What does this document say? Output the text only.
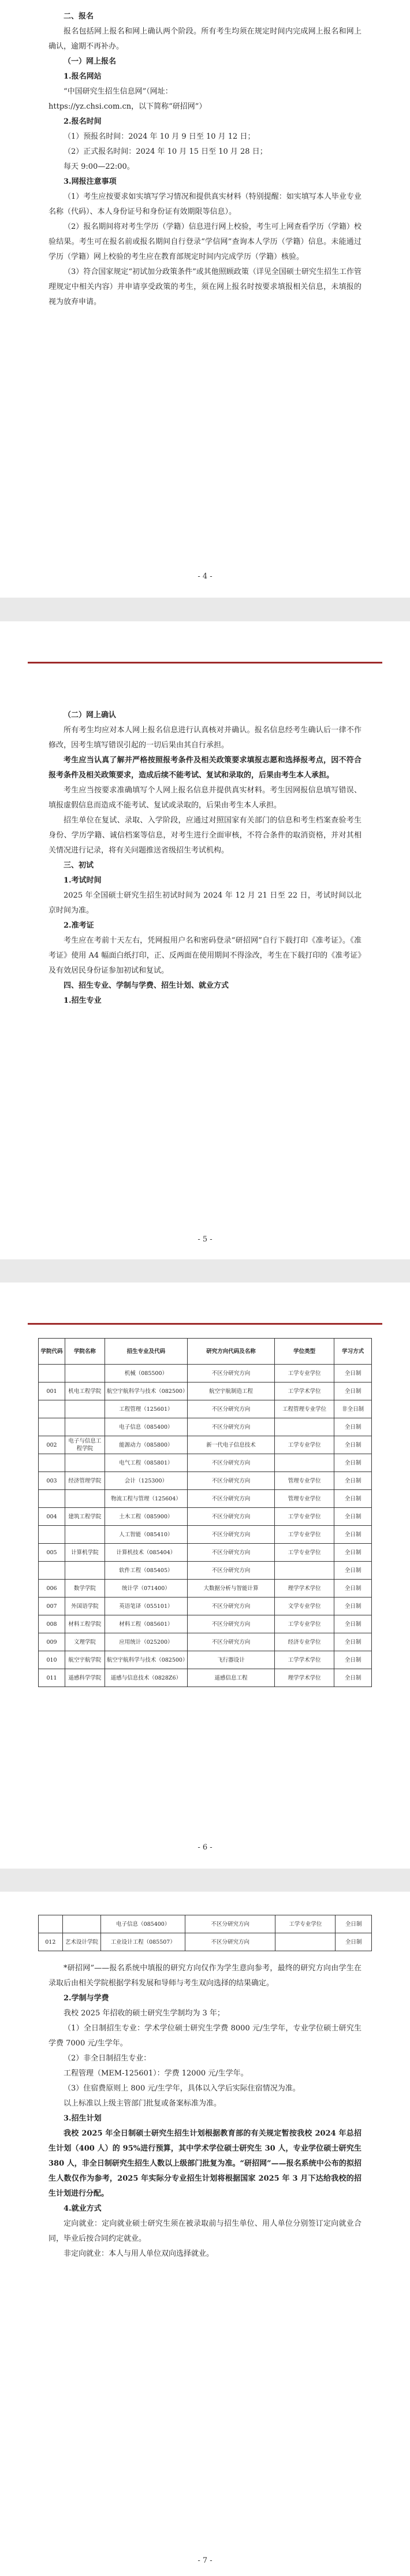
二、报名

报名包括网上报名和网上确认两个阶段。所有考生均须在规定时间内完成网上报名和网上确认，逾期不再补办。

（一）网上报名

1.报名网站

“中国研究生招生信息网”（网址：

https://yz.chsi.com.cn，以下简称“研招网”）

2.报名时间

（1）预报名时间：2024 年 10 月 9 日至 10 月 12 日；

（2）正式报名时间：2024 年 10 月 15 日至 10 月 28 日；

每天 9:00—22:00。

3.网报注意事项

（1）考生应按要求如实填写学习情况和提供真实材料（特别提醒：如实填写本人毕业专业名称（代码）、本人身份证号和身份证有效期限等信息）。

（2）报名期间将对考生学历（学籍）信息进行网上校验，考生可上网查看学历（学籍）校验结果。考生可在报名前或报名期间自行登录“学信网”查询本人学历（学籍）信息。未能通过学历（学籍）网上校验的考生应在教育部规定时间内完成学历（学籍）核验。

（3）符合国家规定“初试加分政策条件”或其他照顾政策（详见全国硕士研究生招生工作管理规定中相关内容）并申请享受政策的考生，须在网上报名时按要求填报相关信息，未填报的视为放弃申请。

- 4 -

（二）网上确认

所有考生均应对本人网上报名信息进行认真核对并确认。报名信息经考生确认后一律不作修改，因考生填写错误引起的一切后果由其自行承担。

考生应当认真了解并严格按照报考条件及相关政策要求填报志愿和选择报考点，因不符合报考条件及相关政策要求，造成后续不能考试、复试和录取的，后果由考生本人承担。

考生应当按要求准确填写个人网上报名信息并提供真实材料。考生因网报信息填写错误、填报虚假信息而造成不能考试、复试或录取的，后果由考生本人承担。

招生单位在复试、录取、入学阶段，应通过对照国家有关部门的信息和考生档案查验考生身份、学历学籍、诚信档案等信息，对考生进行全面审核，不符合条件的取消资格，并对其相关情况进行记录，将有关问题推送省级招生考试机构。

三、初试

1.考试时间

2025 年全国硕士研究生招生初试时间为 2024 年 12 月 21 日至 22 日，考试时间以北京时间为准。

2.准考证

考生应在考前十天左右，凭网报用户名和密码登录“研招网”自行下载打印《准考证》。《准考证》使用 A4 幅面白纸打印，正、反两面在使用期间不得涂改，考生在下载打印的《准考证》及有效居民身份证参加初试和复试。

四、招生专业、学制与学费、招生计划、就业方式

1.招生专业

- 5 -
学院代码	学院名称	招生专业及代码	研究方向代码及名称	学位类型	学习方式
		机械（085500）	不区分研究方向	工学专业学位	全日制
001	机电工程学院	航空宇航科学与技术（082500）	航空宇航制造工程	工学学术学位	全日制
		工程管理（125601）	不区分研究方向	工程管理专业学位	非全日制
		电子信息（085400）	不区分研究方向		全日制
002	电子与信息工程学院	能源动力（085800）	新一代电子信息技术	工学专业学位	全日制
		电气工程（085801）	不区分研究方向		全日制
003	经济管理学院	会计（125300）	不区分研究方向	管理专业学位	全日制
		物流工程与管理（125604）	不区分研究方向	管理专业学位	全日制
004	建筑工程学院	土木工程（085900）	不区分研究方向	工学专业学位	全日制
		人工智能（085410）	不区分研究方向	工学专业学位	全日制
005	计算机学院	计算机技术（085404）	不区分研究方向	工学专业学位	全日制
		软件工程（085405）	不区分研究方向		全日制
006	数学学院	统计学（071400）	大数据分析与智能计算	理学学术学位	全日制
007	外国语学院	英语笔译（055101）	不区分研究方向	文学专业学位	全日制
008	材料工程学院	材料工程（085601）	不区分研究方向	工学专业学位	全日制
009	文理学院	应用统计（025200）	不区分研究方向	经济专业学位	全日制
010	航空宇航学院	航空宇航科学与技术（082500）	飞行器设计	工学学术学位	全日制
011	遥感科学学院	遥感与信息技术（0828Z6）	遥感信息工程	理学学术学位	全日制
- 6 -
		电子信息（085400）	不区分研究方向	工学专业学位	全日制
012	艺术设计学院	工业设计工程（085507）	不区分研究方向		全日制

*研招网”——报名系统中填报的研究方向仅作为学生意向参考，最终的研究方向由学生在录取后由相关学院根据学科发展和导师与考生双向选择的结果确定。

2.学制与学费

我校 2025 年招收的硕士研究生学制均为 3 年；

（1）全日制招生专业：学术学位硕士研究生学费 8000 元/生学年，专业学位硕士研究生学费 7000 元/生学年。

（2）非全日制招生专业：

工程管理（MEM-125601）：学费 12000 元/生学年。

（3）住宿费原则上 800 元/生学年，具体以入学后实际住宿情况为准。

以上标准以上级主管部门批复或备案标准为准。

3.招生计划

我校 2025 年全日制硕士研究生招生计划根据教育部的有关规定暂按我校 2024 年总招生计划（400 人）的 95%进行预算，其中学术学位硕士研究生 30 人，专业学位硕士研究生 380 人，非全日制研究生招生人数以上级部门批复为准。“研招网”——报名系统中公布的拟招生人数仅作为参考，2025 年实际分专业招生计划将根据国家 2025 年 3 月下达给我校的招生计划进行分配。

4.就业方式

定向就业：定向就业硕士研究生须在被录取前与招生单位、用人单位分别签订定向就业合同，毕业后按合同约定就业。

非定向就业：本人与用人单位双向选择就业。

- 7 -
